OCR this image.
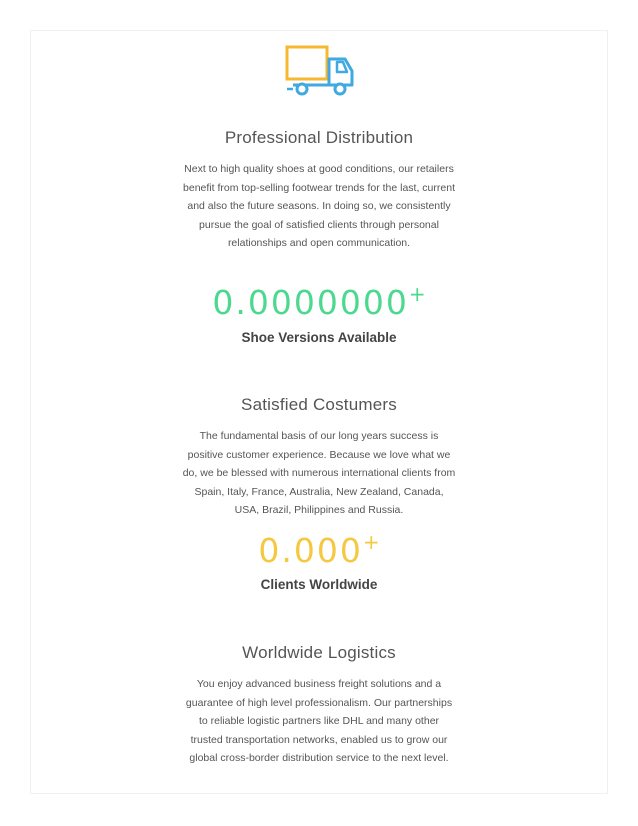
Professional Distribution

Next to high quality shoes at good conditions, our retailers benefit from top-selling footwear trends for the last, current and also the future seasons. In doing so, we consistently pursue the goal of satisfied clients through personal relationships and open communication.

0.0000000+

Shoe Versions Available

Satisfied Costumers

The fundamental basis of our long years success is positive customer experience. Because we love what we do, we be blessed with numerous international clients from Spain, Italy, France, Australia, New Zealand, Canada, USA, Brazil, Philippines and Russia.

0.000+

Clients Worldwide

Worldwide Logistics

You enjoy advanced business freight solutions and a guarantee of high level professionalism. Our partnerships to reliable logistic partners like DHL and many other trusted transportation networks, enabled us to grow our global cross-border distribution service to the next level.
